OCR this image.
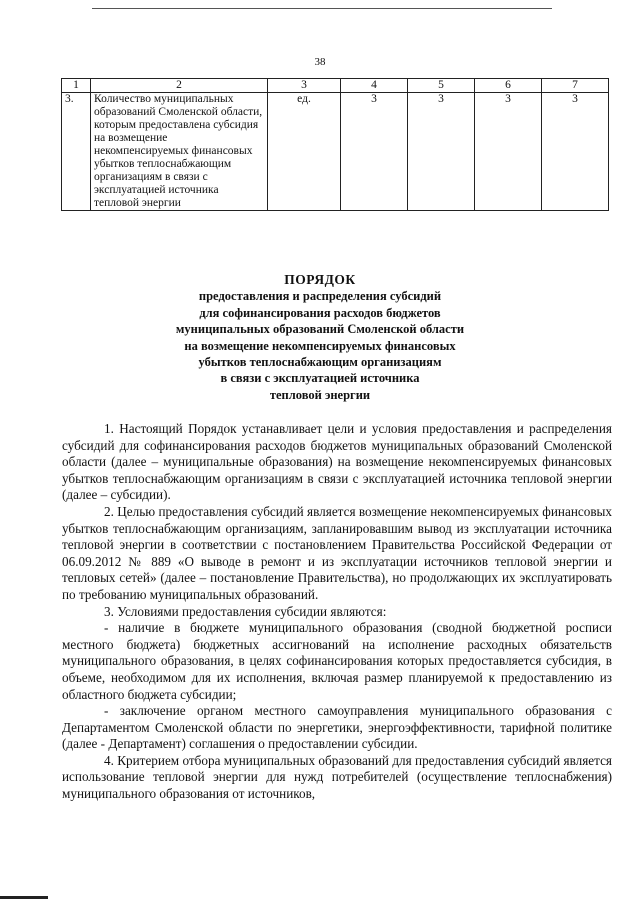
38
1	2	3	4	5	6	7
3.	Количество муниципальных образований Смоленской области, которым предоставлена субсидия на возмещение некомпенсируемых финансовых убытков теплоснабжающим организациям в связи с эксплуатацией источника тепловой энергии	ед.	3	3	3	3
ПОРЯДОК
предоставления и распределения субсидий
для софинансирования расходов бюджетов
муниципальных образований Смоленской области
на возмещение некомпенсируемых финансовых
убытков теплоснабжающим организациям
в связи с эксплуатацией источника
тепловой энергии

1. Настоящий Порядок устанавливает цели и условия предоставления и распределения субсидий для софинансирования расходов бюджетов муниципальных образований Смоленской области (далее – муниципальные образования) на возмещение некомпенсируемых финансовых убытков теплоснабжающим организациям в связи с эксплуатацией источника тепловой энергии (далее – субсидии).

2. Целью предоставления субсидий является возмещение некомпенсируемых финансовых убытков теплоснабжающим организациям, запланировавшим вывод из эксплуатации источника тепловой энергии в соответствии с постановлением Правительства Российской Федерации от 06.09.2012 № 889 «О выводе в ремонт и из эксплуатации источников тепловой энергии и тепловых сетей» (далее – постановление Правительства), но продолжающих их эксплуатировать по требованию муниципальных образований.

3. Условиями предоставления субсидии являются:

- наличие в бюджете муниципального образования (сводной бюджетной росписи местного бюджета) бюджетных ассигнований на исполнение расходных обязательств муниципального образования, в целях софинансирования которых предоставляется субсидия, в объеме, необходимом для их исполнения, включая размер планируемой к предоставлению из областного бюджета субсидии;

- заключение органом местного самоуправления муниципального образования с Департаментом Смоленской области по энергетики, энергоэффективности, тарифной политике (далее - Департамент) соглашения о предоставлении субсидии.

4. Критерием отбора муниципальных образований для предоставления субсидий является использование тепловой энергии для нужд потребителей (осуществление теплоснабжения) муниципального образования от источников,
